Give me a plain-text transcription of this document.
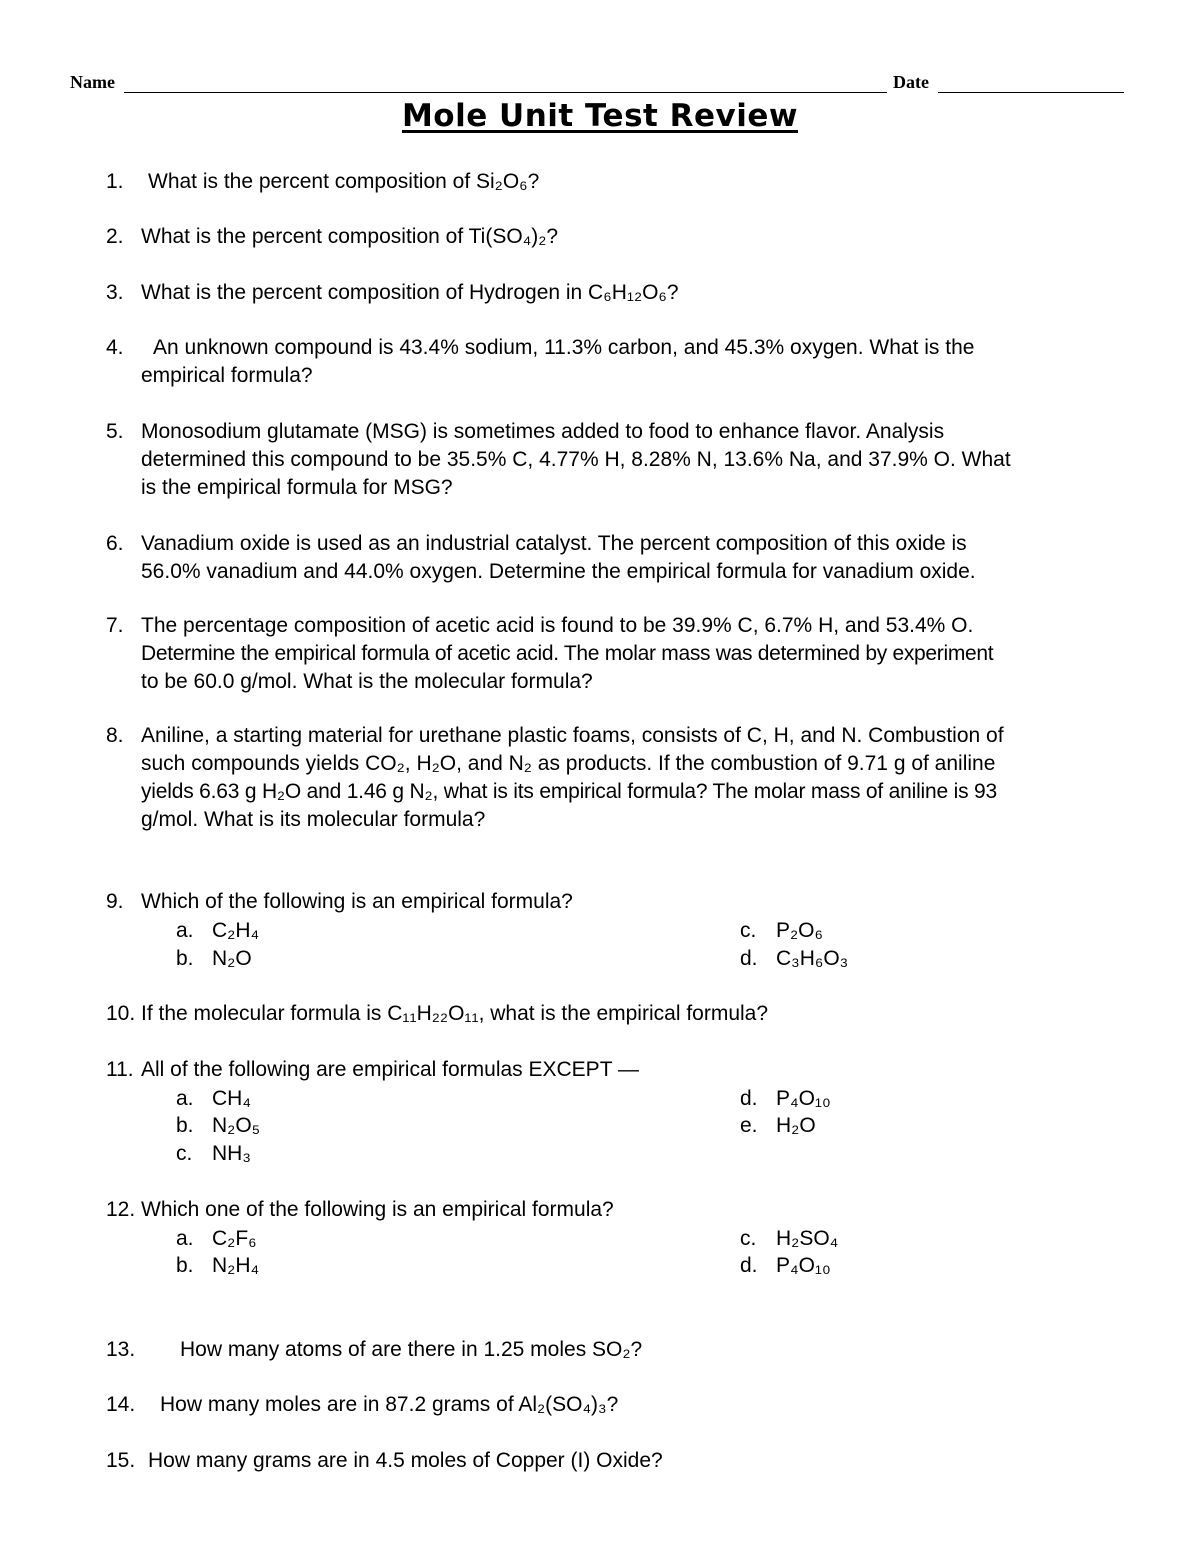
Name	Date
Mole Unit Test Review
1. What is the percent composition of Si₂O₆?
2. What is the percent composition of Ti(SO₄)₂?
3. What is the percent composition of Hydrogen in C₆H₁₂O₆?
4. An unknown compound is 43.4% sodium, 11.3% carbon, and 45.3% oxygen. What is the
empirical formula?
5. Monosodium glutamate (MSG) is sometimes added to food to enhance flavor. Analysis
determined this compound to be 35.5% C, 4.77% H, 8.28% N, 13.6% Na, and 37.9% O. What
is the empirical formula for MSG?
6. Vanadium oxide is used as an industrial catalyst. The percent composition of this oxide is
56.0% vanadium and 44.0% oxygen. Determine the empirical formula for vanadium oxide.
7. The percentage composition of acetic acid is found to be 39.9% C, 6.7% H, and 53.4% O.
Determine the empirical formula of acetic acid. The molar mass was determined by experiment
to be 60.0 g/mol. What is the molecular formula?
8. Aniline, a starting material for urethane plastic foams, consists of C, H, and N. Combustion of
such compounds yields CO₂, H₂O, and N₂ as products. If the combustion of 9.71 g of aniline
yields 6.63 g H₂O and 1.46 g N₂, what is its empirical formula? The molar mass of aniline is 93
g/mol. What is its molecular formula?
9. Which of the following is an empirical formula?
a. C₂H₄
b. N₂O
c. P₂O₆
d. C₃H₆O₃
10. If the molecular formula is C₁₁H₂₂O₁₁, what is the empirical formula?
11. All of the following are empirical formulas EXCEPT —
a. CH₄
b. N₂O₅
c. NH₃
d. P₄O₁₀
e. H₂O
12. Which one of the following is an empirical formula?
a. C₂F₆
b. N₂H₄
c. H₂SO₄
d. P₄O₁₀
13. How many atoms of are there in 1.25 moles SO₂?
14. How many moles are in 87.2 grams of Al₂(SO₄)₃?
15. How many grams are in 4.5 moles of Copper (I) Oxide?
